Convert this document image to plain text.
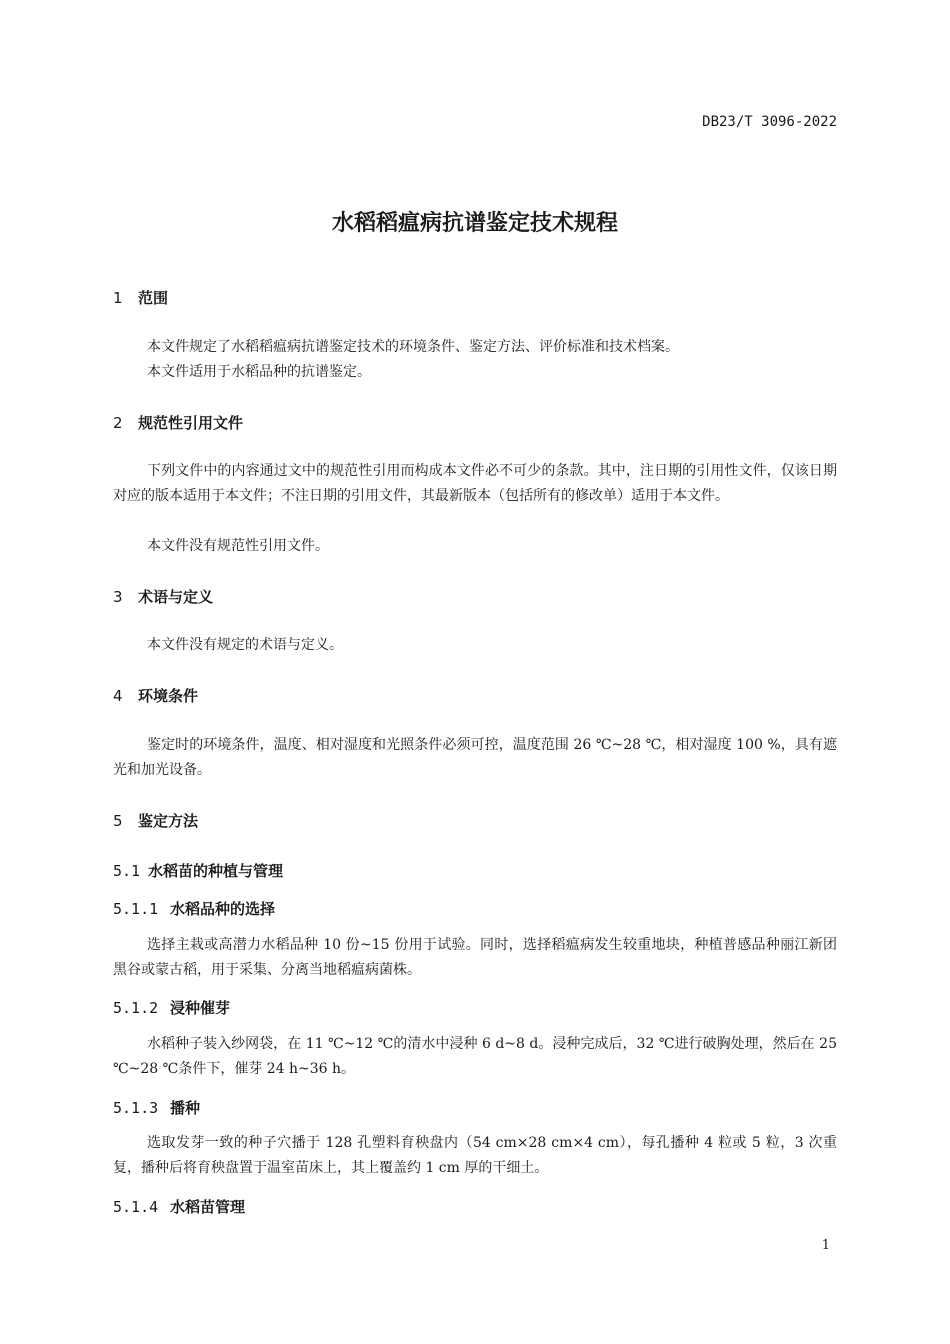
DB23/T 3096-2022
水稻稻瘟病抗谱鉴定技术规程
1 范围
本文件规定了水稻稻瘟病抗谱鉴定技术的环境条件、鉴定方法、评价标准和技术档案。
本文件适用于水稻品种的抗谱鉴定。
2 规范性引用文件
下列文件中的内容通过文中的规范性引用而构成本文件必不可少的条款。其中，注日期的引用性文件，仅该日期对应的版本适用于本文件；不注日期的引用文件，其最新版本（包括所有的修改单）适用于本文件。
本文件没有规范性引用文件。
3 术语与定义
本文件没有规定的术语与定义。
4 环境条件
鉴定时的环境条件，温度、相对湿度和光照条件必须可控，温度范围 26 ℃~28 ℃，相对湿度 100 %，具有遮光和加光设备。
5 鉴定方法
5.1 水稻苗的种植与管理
5.1.1 水稻品种的选择
选择主栽或高潜力水稻品种 10 份~15 份用于试验。同时，选择稻瘟病发生较重地块，种植普感品种丽江新团黑谷或蒙古稻，用于采集、分离当地稻瘟病菌株。
5.1.2 浸种催芽
水稻种子装入纱网袋，在 11 ℃~12 ℃的清水中浸种 6 d~8 d。浸种完成后，32 ℃进行破胸处理，然后在 25 ℃~28 ℃条件下，催芽 24 h~36 h。
5.1.3 播种
选取发芽一致的种子穴播于 128 孔塑料育秧盘内（54 cm×28 cm×4 cm），每孔播种 4 粒或 5 粒，3 次重复，播种后将育秧盘置于温室苗床上，其上覆盖约 1 cm 厚的干细土。
5.1.4 水稻苗管理
1
